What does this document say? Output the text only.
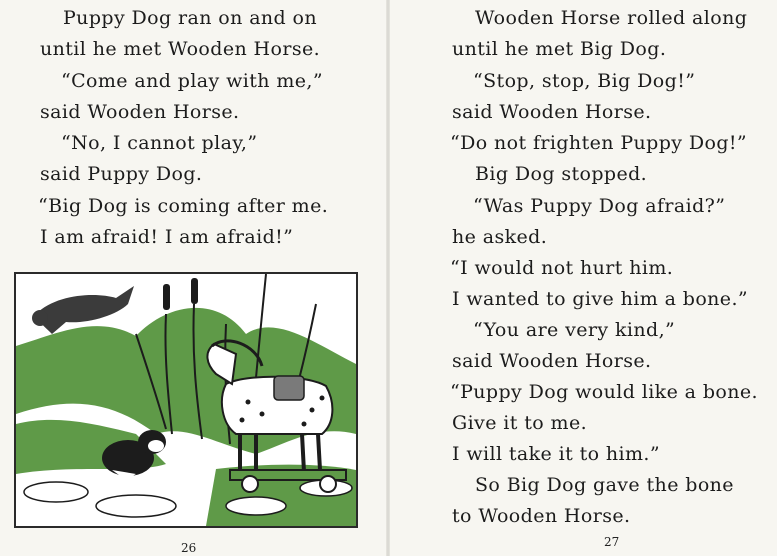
Puppy Dog ran on and on
until he met Wooden Horse.
“Come and play with me,”
said Wooden Horse.
“No, I cannot play,”
said Puppy Dog.
“Big Dog is coming after me.
I am afraid! I am afraid!”
26
Wooden Horse rolled along
until he met Big Dog.
“Stop, stop, Big Dog!”
said Wooden Horse.
“Do not frighten Puppy Dog!”
Big Dog stopped.
“Was Puppy Dog afraid?”
he asked.
“I would not hurt him.
I wanted to give him a bone.”
“You are very kind,”
said Wooden Horse.
“Puppy Dog would like a bone.
Give it to me.
I will take it to him.”
So Big Dog gave the bone
to Wooden Horse.
27
